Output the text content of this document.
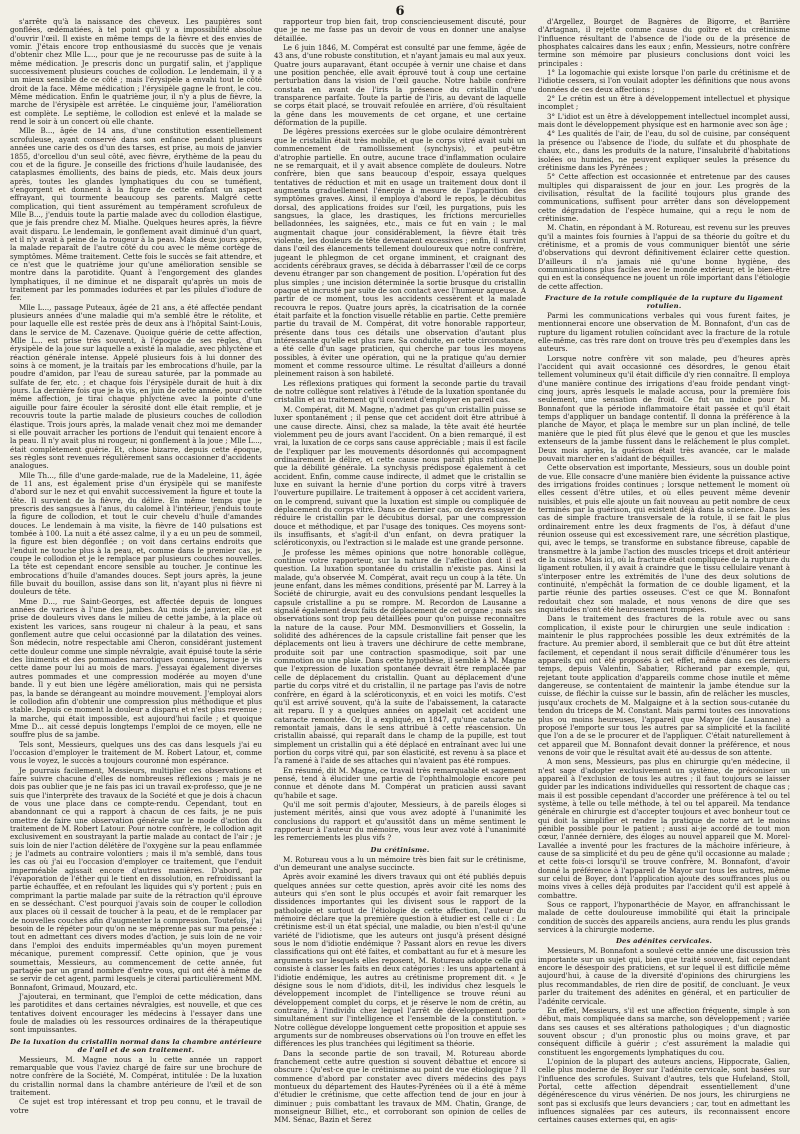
6

s'arrête qu'à la naissance des cheveux. Les paupières sont gonflées, œdématiées, à tel point qu'il y a impossibilité absolue d'ouvrir l'œil. Il existe en même temps de la fièvre et des envies de vomir. J'étais encore trop enthousiasmé du succès que je venais d'obtenir chez Mlle L..., pour que je ne recourusse pas de suite à la même médication. Je prescris donc un purgatif salin, et j'applique successivement plusieurs couches de collodion. Le lendemain, il y a un mieux sensible de ce côté ; mais l'érysipèle a envahi tout le côté droit de la face. Même médication ; l'érysipèle gagne le front, le cou. Même médication. Enfin le quatrième jour, il n'y a plus de fièvre, la marche de l'érysipèle est arrêtée. Le cinquième jour, l'amélioration est complète. Le septième, le collodion est enlevé et la malade se rend le soir à un concert où elle chante.

Mlle B..., âgée de 14 ans, d'une constitution essentiellement scrofuleuse, ayant conservé dans son enfance pendant plusieurs années une carie des os d'un des tarses, est prise, au mois de janvier 1855, d'orcellou d'un seul côté, avec fièvre, érythème de la peau du cou et de la figure. Je conseille des frictions d'huile laudanisée, des cataplasmes émollients, des bains de pieds, etc. Mais deux jours après, toutes les glandes lymphatiques du cou se tuméfient, s'engorgent et donnent à la figure de cette enfant un aspect effrayant, qui tourmente beaucoup ses parents. Malgré cette complication, qui tient assurément au tempérament scrofuleux de Mlle B..., j'enduis toute la partie malade avec du collodion élastique, que je fais prendre chez M. Mialhe. Quelques heures après, la fièvre avait disparu. Le lendemain, le gonflement avait diminué d'un quart, et il n'y avait à peine de la rougeur à la peau. Mais deux jours après, la malade reparaît de l'autre côté du cou avec le même cortège de symptômes. Même traitement. Cette fois le succès se fait attendre, et ce n'est que le quatrième jour qu'une amélioration sensible se montre dans la parotidite. Quant à l'engorgement des glandes lymphatiques, il ne diminue et ne disparaît qu'après un mois de traitement par les pommades iodurées et par les pilules d'iodure de fer.

Mlle L..., passage Puteaux, âgée de 21 ans, a été affectée pendant plusieurs années d'une maladie qui m'a semblé être le rétolite, et pour laquelle elle est restée près de deux ans à l'hôpital Saint-Louis, dans le service de M. Cazenave. Quoique guérie de cette affection, Mlle L... est prise très souvent, à l'époque de ses règles, d'un érysipèle de la joue sur laquelle a existé la maladie, avec phlyctène et réaction générale intense. Appelé plusieurs fois à lui donner des soins à ce moment, je la traitais par les embrocations d'huile, par la poudre d'amidon, par l'eau de sureau saturée, par la pommade au sulfate de fer, etc. ; et chaque fois l'érysipèle durait de huit à dix jours. La dernière fois que je la vis, en juin de cette année, pour cette même affection, je tirai chaque phlyctène avec la pointe d'une aiguille pour faire écouler la sérosité dont elle était remplie, et je recouvris toute la partie malade de plusieurs couches de collodion élastique. Trois jours après, la malade venait chez moi me demander si elle pouvait arracher les portions de l'enduit qui tenaient encore à la peau. Il n'y avait plus ni rougeur, ni gonflement à la joue ; Mlle L..., était complètement guérie. Et, chose bizarre, depuis cette époque, ses règles sont revenues régulièrement sans occasionner d'accidents analogues.

Mlle Th..., fille d'une garde-malade, rue de la Madeleine, 11, âgée de 11 ans, est également prise d'un érysipèle qui se manifeste d'abord sur le nez et qui envahit successivement la figure et toute la tête. Il survient de la fièvre, du délire. En même temps que je prescris des sangsues à l'anus, du calomel à l'intérieur, j'enduis toute la figure de collodion, et tout le cuir chevelu d'huile d'amandes douces. Le lendemain à ma visite, la fièvre de 140 pulsations est tombée à 100. La nuit a été assez calme, il y a eu un peu de sommeil, la figure est bien dégonflée ; on voit dans certains endroits que l'enduit ne touche plus à la peau, et, comme dans le premier cas, je coupe le collodion et je le remplace par plusieurs couches nouvelles. La tête est cependant encore sensible au toucher. Je continue les embrocations d'huile d'amandes douces. Sept jours après, la jeune fille buvait du bouillon, assise dans son lit, n'ayant plus ni fièvre ni douleurs de tête.

Mme D..., rue Saint-Georges, est affectée depuis de longues années de varices à l'une des jambes. Au mois de janvier, elle est prise de douleurs vives dans le milieu de cette jambe, à la place où existent les varices, sans rougeur ni chaleur à la peau, et sans gonflement autre que celui occasionné par la dilatation des veines. Son médecin, notre respectable ami Cheron, considérant justement cette douleur comme une simple névralgie, avait épuisé toute la série des liniments et des pommades narcotiques connues, lorsque je vis cette dame pour lui au mois de mars. J'essayai également diverses autres pommades et une compression modérée au moyen d'une bande. Il y eut bien une légère amélioration, mais qui ne persista pas, la bande se dérangeant au moindre mouvement. J'employai alors le collodion afin d'obtenir une compression plus méthodique et plus stable. Depuis ce moment la douleur a disparu et n'est plus revenue ; la marche, qui était impossible, est aujourd'hui facile ; et quoique Mme D... ait cessé depuis longtemps l'emploi de ce moyen, elle ne souffre plus de sa jambe.

Tels sont, Messieurs, quelques uns des cas dans lesquels j'ai eu l'occasion d'employer le traitement de M. Robert Latour, et, comme vous le voyez, le succès a toujours couronné mon espérance.

Je pourrais facilement, Messieurs, multiplier ces observations et faire suivre chacune d'elles de nombreuses réflexions ; mais je ne dois pas oublier que je ne fais pas ici un travail ex-professo, que je ne suis que l'interprète des travaux de la Société et que je dois à chacun de vous une place dans ce compte-rendu. Cependant, tout en abandonnant ce qui a rapport à chacun de ces faits, je ne puis omettre de faire une observation générale sur le mode d'action du traitement de M. Robert Latour. Pour notre confrère, le collodion agit exclusivement en soustrayant la partie malade au contact de l'air ; je suis loin de nier l'action délétère de l'oxygène sur la peau enflammée ; je l'admets au contraire volontiers ; mais il m'a semblé, dans tous les cas où j'ai eu l'occasion d'employer ce traitement, que l'enduit imperméable agissait encore d'autres manières. D'abord, par l'évaporation de l'éther qui le tient en dissolution, en refroidissant la partie échauffée, et en refoulant les liquides qui s'y portent ; puis en comprimant la partie malade par suite de la rétraction qu'il éprouve en se desséchant. C'est pourquoi j'avais soin de couper le collodion aux places où il cessait de toucher à la peau, et de le remplacer par de nouvelles couches afin d'augmenter la compression. Toutefois, j'ai besoin de le répéter pour qu'on ne se méprenne pas sur ma pensée : tout en admettant ces divers modes d'action, je suis loin de ne voir dans l'emploi des enduits imperméables qu'un moyen purement mécanique, purement compressif. Cette opinion, que je vous soumettais, Messieurs, au commencement de cette année, fut partagée par un grand nombre d'entre vous, qui ont été à même de se servir de cet agent, parmi lesquels je citerai particulièrement MM. Bonnafont, Grimaud, Mouzard, etc.

J'ajouterai, en terminant, que l'emploi de cette médication, dans les parotidites et dans certaines névralgies, est nouvelle, et que ces tentatives doivent encourager les médecins à l'essayer dans une foule de maladies où les ressources ordinaires de la thérapeutique sont impuissantes.

De la luxation du cristallin normal dans la chambre antérieure de l'œil et de son traitement.

Messieurs, M. Magne nous a lu cette année un rapport remarquable que vous l'aviez chargé de faire sur une brochure de notre confrère de la Société, M. Compérat, intitulée : De la luxation du cristallin normal dans la chambre antérieure de l'œil et de son traitement.

Ce sujet est trop intéressant et trop peu connu, et le travail de votre

rapporteur trop bien fait, trop consciencieusement discuté, pour que je ne me fasse pas un devoir de vous en donner une analyse détaillée.

Le 6 juin 1846, M. Compérat est consulté par une femme, âgée de 43 ans, d'une robuste constitution, et n'ayant jamais eu mal aux yeux. Quatre jours auparavant, étant occupée à vernir une chaise et dans une position penchée, elle avait éprouvé tout à coup une certaine perturbation dans la vision de l'œil gauche. Notre habile confrère constata en avant de l'iris la présence du cristallin d'une transparence parfaite. Toute la partie de l'iris, au devant de laquelle se corps était placé, se trouvait refoulée en arrière, d'où résultaient la gêne dans les mouvements de cet organe, et une certaine déformation de la pupille.

De légères pressions exercées sur le globe oculaire démontrèrent que le cristallin était très mobile, et que le corps vitré avait subi un commencement de ramollissement (synchysis), et peut-être d'atrophie partielle. En outre, aucune trace d'inflammation oculaire ne se remarquait, et il y avait absence complète de douleurs. Notre confrère, bien que sans beaucoup d'espoir, essaya quelques tentatives de réduction et mit en usage un traitement doux dont il augmenta graduellement l'énergie à mesure de l'apparition des symptômes graves. Ainsi, il employa d'abord le repos, le décubitus dorsal, des applications froides sur l'œil, les purgations, puis les sangsues, la glace, les drastiques, les frictions mercurielles belladonnées, les saignées, etc., mais ce fut en vain ; le mal augmentait chaque jour considérablement, la fièvre était très violente, les douleurs de tête devenaient excessives ; enfin, il survint dans l'œil des élancements tellement douloureux que notre confrère, jugeant le phlegmon de cet organe imminent, et craignant des accidents cérébraux graves, se décida à débarrasser l'œil de ce corps devenu étranger par son changement de position. L'opération fut des plus simples ; une incision déterminée la sortie brusque du cristallin opaque et incrusté par suite de son contact avec l'humeur aqueuse. A partir de ce moment, tous les accidents cessèrent et la malade recouvra le repos. Quatre jours après, la cicatrisation de la cornée était parfaite et la fonction visuelle rétablie en partie. Cette première partie du travail de M. Compérat, dit votre honorable rapporteur, présente dans tous ces détails une observation d'autant plus intéressante qu'elle est plus rare. Sa conduite, en cette circonstance, a été celle d'un sage praticien, qui cherche par tous les moyens possibles, à éviter une opération, qui ne la pratique qu'au dernier moment et comme ressource ultime. Le résultat d'ailleurs a donné pleinement raison à son habileté.

Les réflexions pratiques qui forment la seconde partie du travail de notre collègue sont relatives à l'étude de la luxation spontanée du cristallin et au traitement qu'il convient d'employer en pareil cas.

M. Compérat, dit M. Magne, n'admet pas qu'un cristallin puisse se luxer spontanément ; il pense que cet accident doit être attribué à une cause directe. Ainsi, chez sa malade, la tête avait été heurtée violemment peu de jours avant l'accident. On a bien remarqué, il est vrai, la luxation de ce corps sans cause appréciable ; mais il est facile de l'expliquer par les mouvements désordonnés qui accompagnent ordinairement le délire, et cette cause nous paraît plus rationnelle que la débilité générale. La synchysis prédispose également à cet accident. Enfin, comme cause indirecte, il admet que le cristallin se luxe en suivant la hernie d'une portion du corps vitré à travers l'ouverture pupillaire. Le traitement à opposer à cet accident variera, on le comprend, suivant que la luxation est simple ou compliquée de déplacement du corps vitré. Dans ce dernier cas, on devra essayer de réduire le cristallin par le décubitus dorsal, par une compression douce et méthodique, et par l'usage des toniques. Ces moyens sont-ils insuffisants, et s'agit-il d'un enfant, on devra pratiquer la scléroticonyxis, ou l'extraction si le malade est une grande personne.

Je professe les mêmes opinions que notre honorable collègue, continue votre rapporteur, sur la nature de l'affection dont il est question. La luxation spontanée du cristallin n'existe pas. Ainsi la malade, qu'a observée M. Compérat, avait reçu un coup à la tête. Un jeune enfant, dans les mêmes conditions, présenté par M. Larrey à la Société de chirurgie, avait eu des convulsions pendant lesquelles la capsule cristalline a pu se rompre. M. Recordon de Lausanne a signalé également deux faits de déplacement de cet organe ; mais ses observations sont trop peu détaillées pour qu'on puisse reconnaître la nature de la cause. Pour MM. Desmonvilliers et Gosselin, la solidité des adhérences de la capsule cristalline fait penser que les déplacements ont lieu à travers une déchirure de cette membrane, produite soit par une contraction spasmodique, soit par une commotion ou une plaie. Dans cette hypothèse, il semble à M. Magne que l'expression de luxation spontanée devrait être remplacée par celle de déplacement du cristallin. Quant au déplacement d'une partie du corps vitré et du cristallin, il ne partage pas l'avis de notre confrère, en égard à la scléroticonyxis, et en voici les motifs. C'est qu'il est arrivé souvent, qu'à la suite de l'abaissement, la cataracte ait reparu. Il y a quelques années on appelait cet accident une cataracte remontée. Or, il a expliqué, en 1847, qu'une cataracte ne remontait jamais, dans le sens attribué à cette réascension. Un cristallin abaissé, qui reparaît dans le champ de la pupille, est tout simplement un cristallin qui a été déplacé en entraînant avec lui une portion du corps vitré qui, par son élasticité, est revenu à sa place et l'a ramené à l'aide de ses attaches qui n'avaient pas été rompues.

En résumé, dit M. Magne, ce travail très remarquable et sagement pensé, tend à élucider une partie de l'ophthalmologie encore peu connue et dénote dans M. Compérat un praticien aussi savant qu'habile et sage.

Qu'il me soit permis d'ajouter, Messieurs, à de pareils éloges si justement mérités, ainsi que vous avez adopté à l'unanimité les conclusions du rapport et qu'aussitôt dans un même sentiment le rapporteur à l'auteur du mémoire, vous leur avez voté à l'unanimité les remerciements les plus vifs ?

Du crétinisme.

M. Rotureau vous a lu un mémoire très bien fait sur le crétinisme, d'un demeurant une analyse succincte.

Après avoir examiné les divers travaux qui ont été publiés depuis quelques années sur cette question, après avoir cité les noms des auteurs qui s'en sont le plus occupés et avoir fait remarquer les dissidences importantes qui les divisent sous le rapport de la pathologie et surtout de l'étiologie de cette affection, l'auteur du mémoire déclare que la première question à étudier est celle ci : Le crétinisme est-il un état spécial, une maladie, ou bien n'est-il qu'une variété de l'idiotisme, que les auteurs ont jusqu'à présent désigné sous le nom d'idiotie endémique ? Passant alors en revue les divers classifications qui ont été faites, et combattant au fur et à mesure les arguments sur lesquels elles reposent, M. Rotureau adopte celle qui consiste à classer les faits en deux catégories : les uns appartenant à l'idiotie endémique, les autres au crétinisme proprement dit. « Je désigne sous le nom d'idiots, dit-il, les individus chez lesquels le développement incomplet de l'intelligence se trouve réuni au développement complet du corps, et je réserve le nom de crétin, au contraire, à l'individu chez lequel l'arrêt de développement porte simultanément sur l'intelligence et l'ensemble de la constitution. » Notre collègue développe longuement cette proposition et appuie ses arguments sur de nombreuses observations où l'on trouve en effet les différences les plus tranchées qui légitiment sa théorie.

Dans la seconde partie de son travail, M. Rotureau aborde franchement cette autre question si souvent débattue et encore si obscure : Qu'est-ce que le crétinisme au point de vue étiologique ? Il commence d'abord par constater avec divers médecins des pays montueux du département des Hautes-Pyrénées où il a été à même d'étudier le crétinisme, que cette affection tend de jour en jour à diminuer ; puis combattant les travaux de MM. Chatin, Grange, de monseigneur Billiet, etc., et corroborant son opinion de celles de MM. Sénac, Bazin et Serez

d'Argellez, Bourget de Bagnères de Bigorre, et Barrière d'Artagnan, il rejette comme cause du goître et du crétinisme l'influence résultant de l'absence de l'iode ou de la présence de phosphates calcaires dans les eaux ; enfin, Messieurs, notre confrère termine son mémoire par plusieurs conclusions dont voici les principales :

1° La logomachie qui existe lorsque l'on parle du crétinisme et de l'idiotie cessera, si l'on voulait adopter les définitions que nous avons données de ces deux affections ;

2° Le crétin est un être à développement intellectuel et physique incomplet ;

3° L'idiot est un être à développement intellectuel incomplet aussi, mais dont le développement physique est en harmonie avec son âge ;

4° Les qualités de l'air, de l'eau, du sol de cuisine, par conséquent la présence ou l'absence de l'iode, du sulfate et du phosphate de chaux, etc., dans les produits de la nature, l'insalubrité d'habitations isolées ou humides, ne peuvent expliquer seules la présence du crétinisme dans les Pyrénées ;

5° Cette affection est occasionnée et entretenue par des causes multiples qui disparaissent de jour en jour. Les progrès de la civilisation, résultat de la facilité toujours plus grande des communications, suffisent pour arrêter dans son développement cette dégradation de l'espèce humaine, qui a reçu le nom de crétinisme.

M. Chatin, en répondant à M. Rotureau, est revenu sur les preuves qu'il a maintes fois fournies à l'appui de sa théorie du goître et du crétinisme, et a promis de vous communiquer bientôt une série d'observations qui devront définitivement éclairer cette question. D'ailleurs il n'a jamais nié qu'une bonne hygiène, des communications plus faciles avec le monde extérieur, et le bien-être qui en est la conséquence ne jouent un rôle important dans l'étiologie de cette affection.

Fracture de la rotule compliquée de la rupture du ligament rotulien.

Parmi les communications verbales qui vous furent faites, je mentionnerai encore une observation de M. Bonnafont, d'un cas de rupture du ligament rotulien coïncidant avec la fracture de la rotule elle-même, cas très rare dont on trouve très peu d'exemples dans les auteurs.

Lorsque notre confrère vit son malade, peu d'heures après l'accident qui avait occasionné ces désordres, le genou était tellement volumineux qu'il était difficile d'y rien connaître. Il employa d'une manière continue des irrigations d'eau froide pendant vingt-cinq jours, après lesquels le malade accusa, pour la première fois seulement, une sensation de froid. Ce fut un indice pour M. Bonnafont que la période inflammatoire était passée et qu'il était temps d'appliquer un bandage contentif. Il donna la préférence à la planche de Mayor, et plaça le membre sur un plan incliné, de telle manière que le pied fût plus élevé que le genou et que les muscles extenseurs de la jambe fussent dans le relâchement le plus complet. Deux mois après, la guérison était très avancée, car le malade pouvait marcher en s'aidant de béquilles.

Cette observation est importante, Messieurs, sous un double point de vue. Elle consacre d'une manière bien évidente la puissance active des irrigations froides continues ; lorsque nettement le moment où elles cessent d'être utiles, et où elles peuvent même devenir nuisibles, et puis elle ajoute un fait nouveau au petit nombre de ceux terminés par la guérison, qui existent déjà dans la science. Dans les cas de simple fracture transversale de la rotule, il se fait le plus ordinairement entre les deux fragments de l'os, à défaut d'une réunion osseuse qui est excessivement rare, une sécrétion plastique, qui, avec le temps, se transforme en substance fibreuse, capable de transmettre à la jambe l'action des muscles triceps et droit antérieur de la cuisse. Mais ici, où la fracture était compliquée de la rupture du ligament rotulien, il y avait à craindre que le tissu cellulaire venant à s'interposer entre les extrémités de l'une des deux solutions de continuité, n'empêchât la formation de ce double ligament, et la partie réunie des parties osseuses. C'est ce que M. Bonnafont redoutait chez son malade, et nous venons de dire que ses inquiétudes n'ont été heureusement trompées.

Dans le traitement des fractures de la rotule avec ou sans complication, il existe pour le chirurgien une seule indication : maintenir le plus rapprochées possible les deux extrémités de la fracture. Au premier abord, il semblerait que ce but dût être atteint facilement, et cependant il nous serait difficile d'énumérer tous les appareils qui ont été proposés à cet effet, même dans ces derniers temps, depuis Valentin, Sabatier, Richerand par exemple, qui, rejetant toute application d'appareils comme chose inutile et même dangereuse, se contentaient de maintenir la jambe étendue sur la cuisse, de fléchir la cuisse sur le bassin, afin de relâcher les muscles, jusqu'aux crochets de M. Malgaigne et à la section sous-cutanée du tendon du triceps de M. Constant. Mais parmi toutes ces innovations plus ou moins heureuses, l'appareil que Mayor (de Lausanne) a proposé l'emporte sur tous les autres par sa simplicité et la facilité que l'on a de se le procurer et de l'appliquer. C'était naturellement à cet appareil que M. Bonnafont devait donner la préférence, et nous venons de voir que le résultat avait été au-dessus de son attente.

A mon sens, Messieurs, pas plus en chirurgie qu'en médecine, il n'est sage d'adopter exclusivement un système, de préconiser un appareil à l'exclusion de tous les autres ; il faut toujours se laisser guider par les indications individuelles qui ressortent de chaque cas ; mais il est possible cependant d'accorder une préférence à tel ou tel système, à telle ou telle méthode, à tel ou tel appareil. Ma tendance générale en chirurgie est d'accepter toujours et avec bonheur tout ce qui doit la simplifier et rendre la pratique de notre art le moins pénible possible pour le patient ; aussi ai-je accordé de tout mon cœur, l'année dernière, des éloges au nouvel appareil que M. Morel-Lavallée a inventé pour les fractures de la mâchoire inférieure, à cause de sa simplicité et du peu de gêne qu'il occasionne au malade ; et cette fois-ci lorsqu'il se trouve confrère, M. Bonnafont, d'avoir donné la préférence à l'appareil de Mayor sur tous les autres, même sur celui de Boyer, dont l'application ajoute des souffrances plus ou moins vives à celles déjà produites par l'accident qu'il est appelé à combattre.

Sous ce rapport, l'hyponarthécie de Mayor, en affranchissant le malade de cette douloureuse immobilité qui était la principale condition de succès des appareils anciens, aura rendu les plus grands services à la chirurgie moderne.

Des adénites cervicales.

Messieurs, M. Bonnafont a soulevé cette année une discussion très importante sur un sujet qui, bien que traité souvent, fait cependant encore le désespoir des praticiens, et sur lequel il est difficile même aujourd'hui, à cause de la diversité d'opinions des chirurgiens les plus recommandables, de rien dire de positif, de concluant. Je veux parler du traitement des adénites en général, et en particulier de l'adénite cervicale.

En effet, Messieurs, s'il est une affection fréquente, simple à son début, mais compliquée dans sa marche, son développement ; variée dans ses causes et ses altérations pathologiques ; d'un diagnostic souvent obscur ; d'un pronostic plus ou moins grave, et par conséquent difficile à guérir ; c'est assurément la maladie qui constituent les engorgements lymphatiques du cou.

L'opinion de la plupart des auteurs anciens, Hippocrate, Galien, celle plus moderne de Boyer sur l'adénite cervicale, sont basées sur l'influence des scrofules. Suivant d'autres, tels que Hufeland, Stoll, Portal, cette affection dépendrait essentiellement d'une dégénérescence du virus vénérien. De nos jours, les chirurgiens ne sont pas si exclusifs que leurs devanciers ; car, tout en admettant les influences signalées par ces auteurs, ils reconnaissent encore certaines causes externes qui, en agis-
